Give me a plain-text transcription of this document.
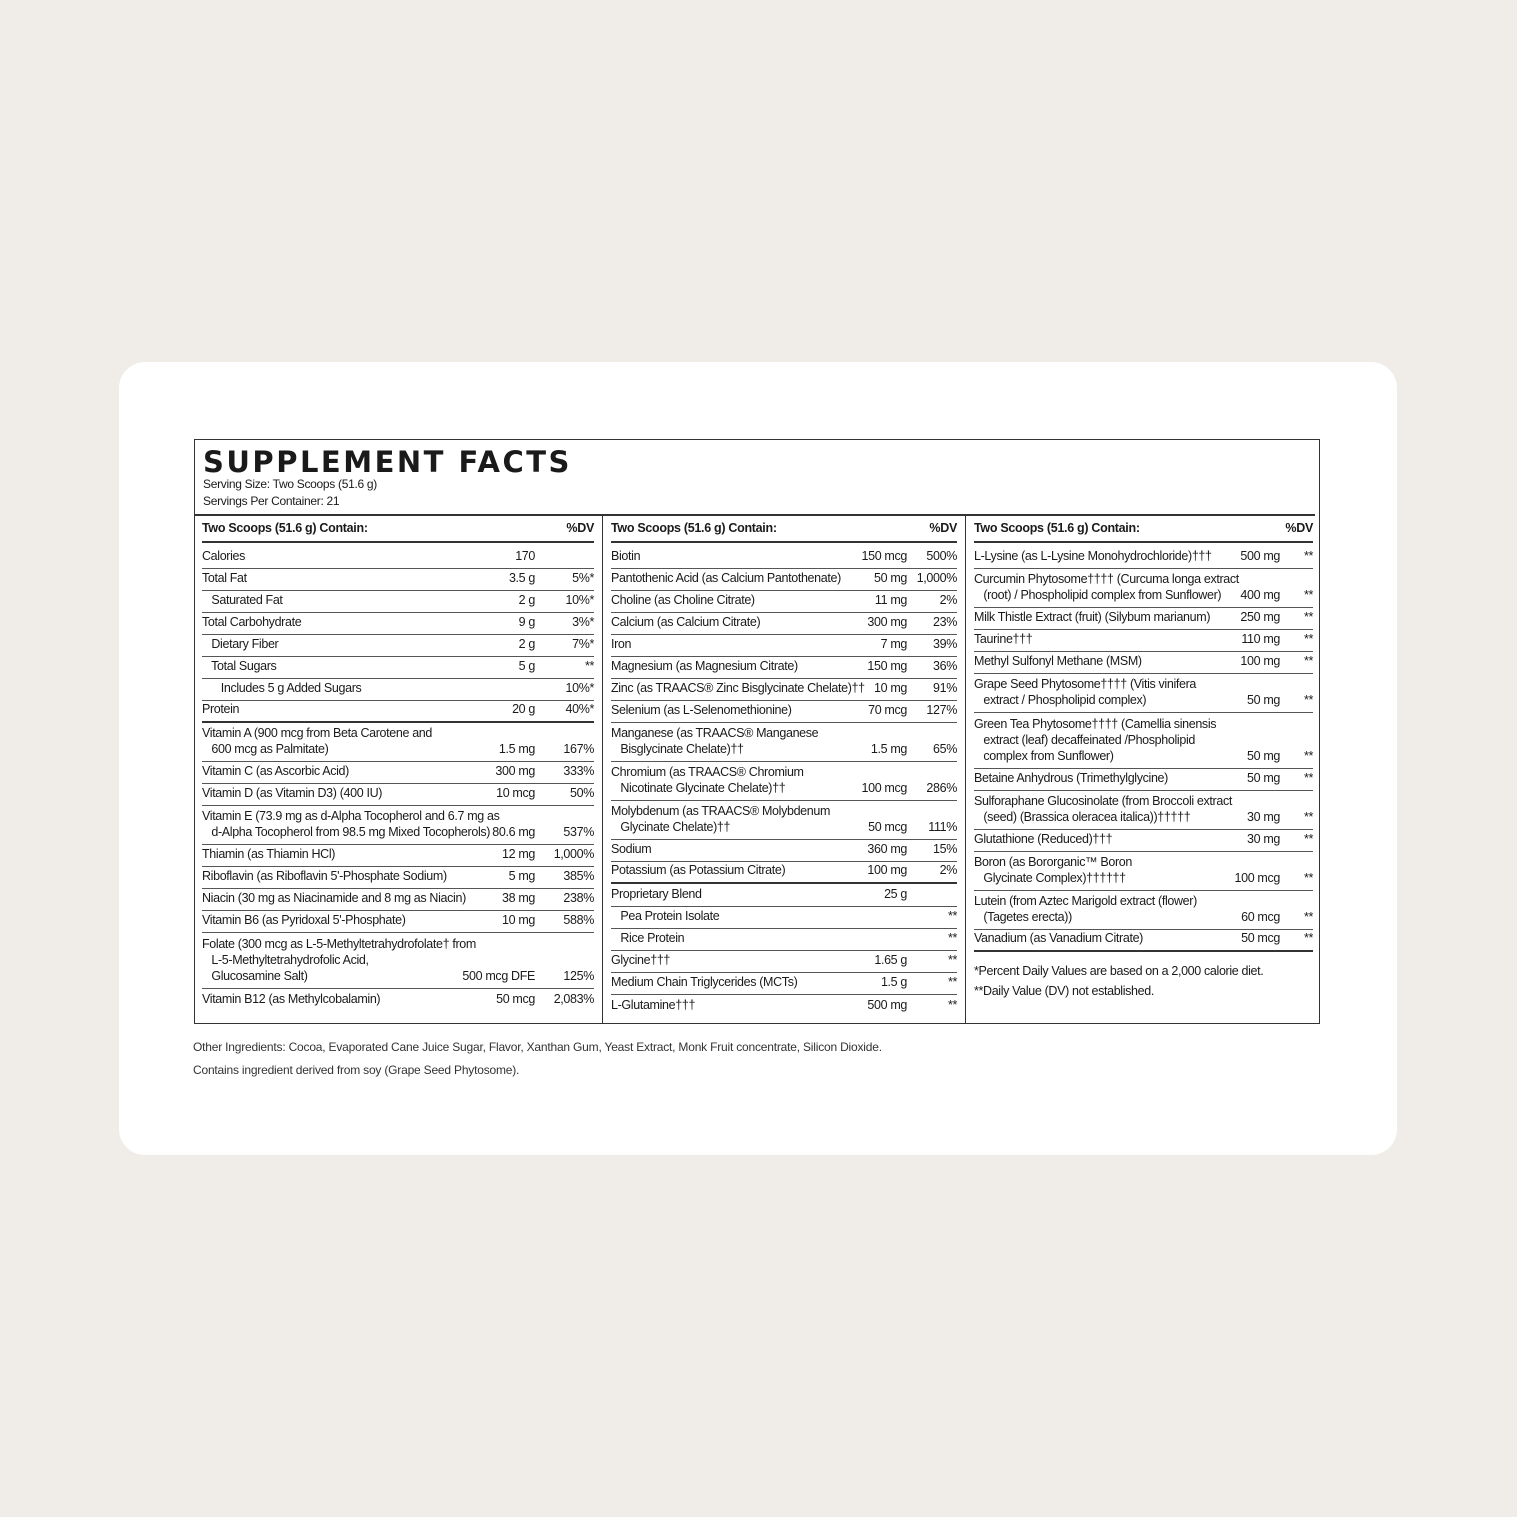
SUPPLEMENT FACTS
Serving Size: Two Scoops (51.6 g)
Servings Per Container: 21
Two Scoops (51.6 g) Contain:	%DV
Calories	170
Total Fat	3.5 g	5%*
Saturated Fat	2 g 10%*
Total Carbohydrate	9 g	3%*
Dietary Fiber	2 g	7%*
Total Sugars	5 g	**
Includes 5 g Added Sugars	10%*
Protein	20 g 40%*
Vitamin A (900 mcg from Beta Carotene and
600 mcg as Palmitate)	1.5 mg 167%
Vitamin C (as Ascorbic Acid)	300 mg 333%
Vitamin D (as Vitamin D3) (400 IU)	10 mcg	50%
Vitamin E (73.9 mg as d-Alpha Tocopherol and 6.7 mg as
d-Alpha Tocopherol from 98.5 mg Mixed Tocopherols) 80.6 mg 537%
Thiamin (as Thiamin HCl)	12 mg 1,000%
Riboflavin (as Riboflavin 5'-Phosphate Sodium)	5 mg 385%
Niacin (30 mg as Niacinamide and 8 mg as Niacin)	38 mg 238%
Vitamin B6 (as Pyridoxal 5'-Phosphate)	10 mg 588%
Folate (300 mcg as L-5-Methyltetrahydrofolate† from
L-5-Methyltetrahydrofolic Acid,
Glucosamine Salt)	500 mcg DFE 125%
Vitamin B12 (as Methylcobalamin)	50 mcg 2,083%
Two Scoops (51.6 g) Contain:	%DV
Biotin	150 mcg 500%
Pantothenic Acid (as Calcium Pantothenate)	50 mg 1,000%
Choline (as Choline Citrate)	11 mg	2%
Calcium (as Calcium Citrate)	300 mg 23%
Iron	7 mg 39%
Magnesium (as Magnesium Citrate)	150 mg 36%
Zinc (as TRAACS® Zinc Bisglycinate Chelate)†† 10 mg 91%
Selenium (as L-Selenomethionine)	70 mcg 127%
Manganese (as TRAACS® Manganese
Bisglycinate Chelate)††	1.5 mg 65%
Chromium (as TRAACS® Chromium
Nicotinate Glycinate Chelate)††	100 mcg 286%
Molybdenum (as TRAACS® Molybdenum
Glycinate Chelate)††	50 mcg 111%
Sodium	360 mg 15%
Potassium (as Potassium Citrate)	100 mg	2%
Proprietary Blend	25 g
Pea Protein Isolate	**
Rice Protein	**
Glycine†††	1.65 g	**
Medium Chain Triglycerides (MCTs)	1.5 g	**
L-Glutamine†††	500 mg	**
Two Scoops (51.6 g) Contain:	%DV
L-Lysine (as L-Lysine Monohydrochloride)††† 500 mg **
Curcumin Phytosome†††† (Curcuma longa extract
(root) / Phospholipid complex from Sunflower)	400 mg **
Milk Thistle Extract (fruit) (Silybum marianum) 250 mg **
Taurine†††	110 mg **
Methyl Sulfonyl Methane (MSM)	100 mg **
Grape Seed Phytosome†††† (Vitis vinifera
extract / Phospholipid complex)	50 mg **
Green Tea Phytosome†††† (Camellia sinensis
extract (leaf) decaffeinated /Phospholipid
complex from Sunflower)	50 mg **
Betaine Anhydrous (Trimethylglycine)	50 mg **
Sulforaphane Glucosinolate (from Broccoli extract
(seed) (Brassica oleracea italica))†††††	30 mg **
Glutathione (Reduced)†††	30 mg **
Boron (as Bororganic™ Boron
Glycinate Complex)††††††	100 mcg **
Lutein (from Aztec Marigold extract (flower)
(Tagetes erecta))	60 mcg **
Vanadium (as Vanadium Citrate)	50 mcg **
*Percent Daily Values are based on a 2,000 calorie diet.
**Daily Value (DV) not established.
Other Ingredients: Cocoa, Evaporated Cane Juice Sugar, Flavor, Xanthan Gum, Yeast Extract, Monk Fruit concentrate, Silicon Dioxide.
Contains ingredient derived from soy (Grape Seed Phytosome).
